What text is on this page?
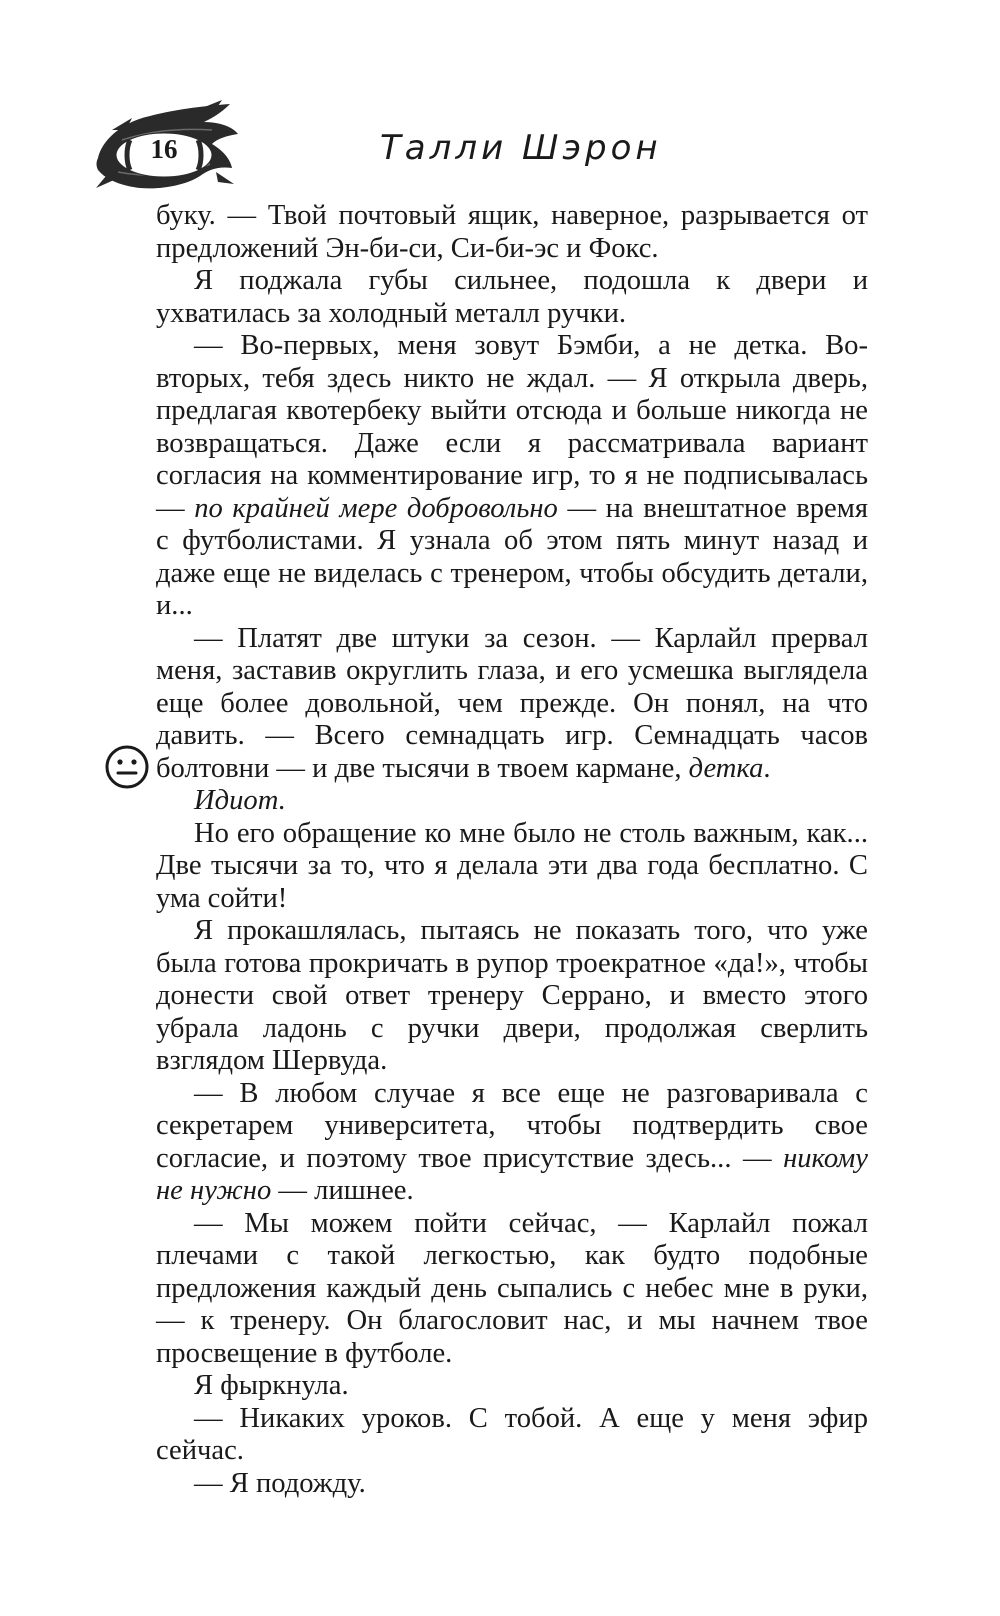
16	Талли Шэрон

буку. — Твой почтовый ящик, наверное, разрывается от предложений Эн-би-си, Си-би-эс и Фокс.

Я поджала губы сильнее, подошла к двери и ухватилась за холодный металл ручки.

— Во-первых, меня зовут Бэмби, а не детка. Во-вторых, тебя здесь никто не ждал. — Я открыла дверь, предлагая квотербеку выйти отсюда и больше никогда не возвращаться. Даже если я рассматривала вариант согласия на комментирование игр, то я не подписывалась — по крайней мере добровольно — на внештатное время с футболистами. Я узнала об этом пять минут назад и даже еще не виделась с тренером, чтобы обсудить детали, и...

— Платят две штуки за сезон. — Карлайл прервал меня, заставив округлить глаза, и его усмешка выглядела еще более довольной, чем прежде. Он понял, на что давить. — Всего семнадцать игр. Семнадцать часов болтовни — и две тысячи в твоем кармане, детка.

Идиот.

Но его обращение ко мне было не столь важным, как... Две тысячи за то, что я делала эти два года бесплатно. С ума сойти!

Я прокашлялась, пытаясь не показать того, что уже была готова прокричать в рупор троекратное «да!», чтобы донести свой ответ тренеру Серрано, и вместо этого убрала ладонь с ручки двери, продолжая сверлить взглядом Шервуда.

— В любом случае я все еще не разговаривала с секретарем университета, чтобы подтвердить свое согласие, и поэтому твое присутствие здесь... — никому не нужно — лишнее.

— Мы можем пойти сейчас, — Карлайл пожал плечами с такой легкостью, как будто подобные предложения каждый день сыпались с небес мне в руки, — к тренеру. Он благословит нас, и мы начнем твое просвещение в футболе.

Я фыркнула.

— Никаких уроков. С тобой. А еще у меня эфир сейчас.

— Я подожду.
